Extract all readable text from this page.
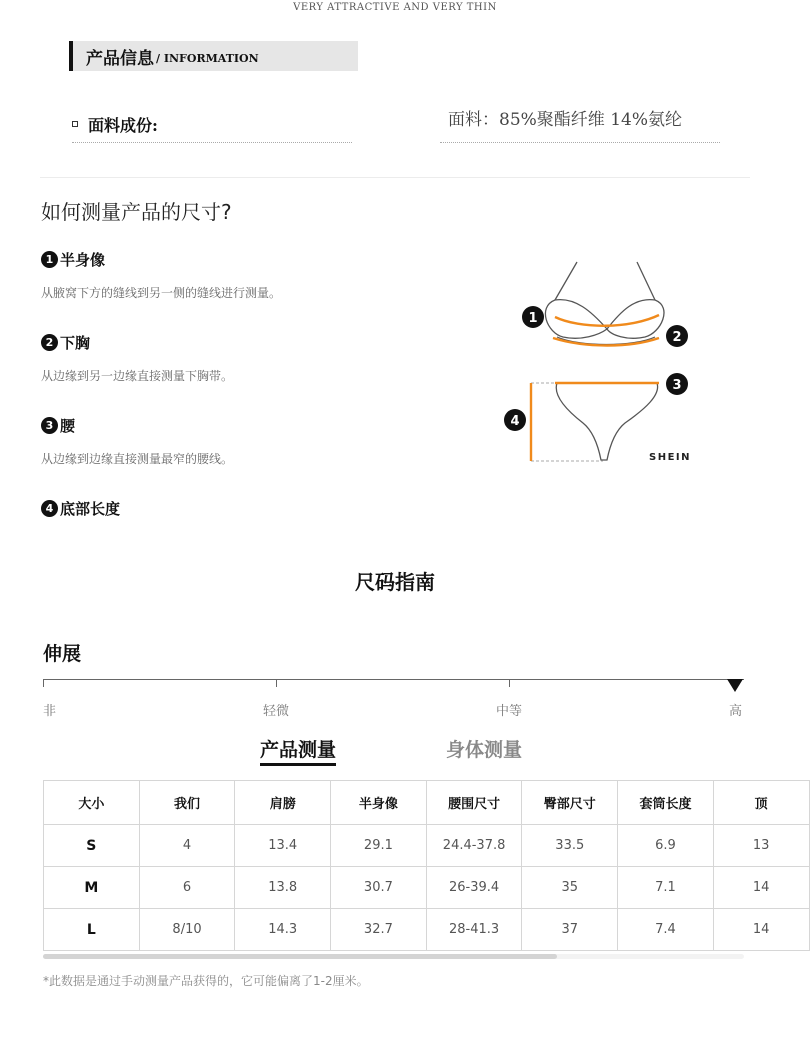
VERY ATTRACTIVE AND VERY THIN
产品信息 / INFORMATION
面料成份:	面料：85%聚酯纤维 14%氨纶
如何测量产品的尺寸?
1 半身像
从腋窝下方的缝线到另一侧的缝线进行测量。
2 下胸
从边缘到另一边缘直接测量下胸带。
3 腰
从边缘到边缘直接测量最窄的腰线。
4 底部长度
1
2
3
4
SHEIN
尺码指南
伸展
非	轻微	中等	高
产品测量	身体测量
大小	我们	肩膀	半身像	腰围尺寸	臀部尺寸	套筒长度	顶
S	4	13.4	29.1	24.4-37.8	33.5	6.9	13
M	6	13.8	30.7	26-39.4	35	7.1	14
L	8/10	14.3	32.7	28-41.3	37	7.4	14
*此数据是通过手动测量产品获得的，它可能偏离了1-2厘米。
